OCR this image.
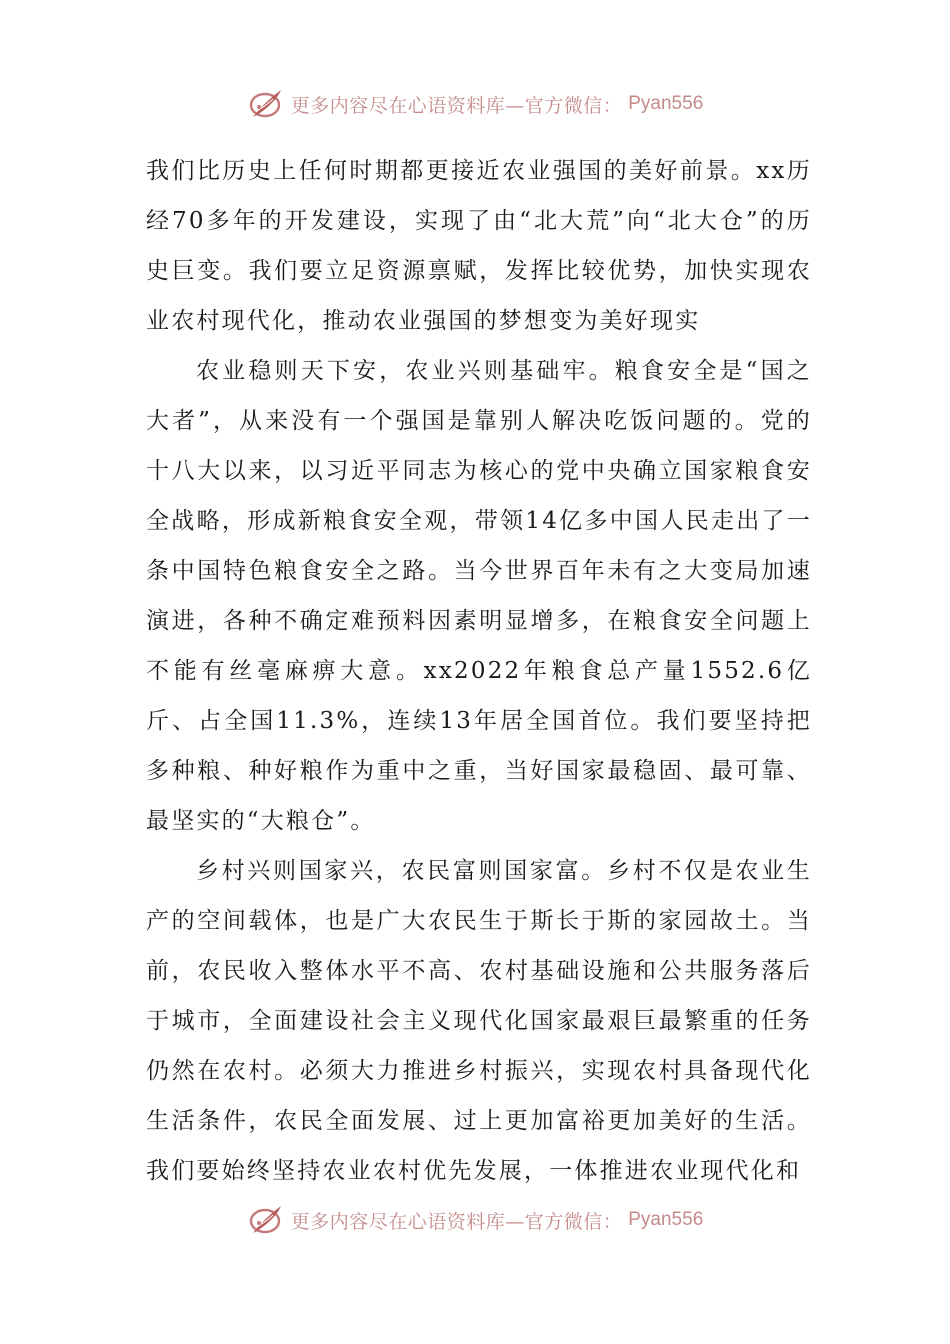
更多内容尽在心语资料库—官方微信： Pyan556

我们比历史上任何时期都更接近农业强国的美好前景。xx历经70多年的开发建设，实现了由“北大荒”向“北大仓”的历史巨变。我们要立足资源禀赋，发挥比较优势，加快实现农业农村现代化，推动农业强国的梦想变为美好现实

农业稳则天下安，农业兴则基础牢。粮食安全是“国之大者”，从来没有一个强国是靠别人解决吃饭问题的。党的十八大以来，以习近平同志为核心的党中央确立国家粮食安全战略，形成新粮食安全观，带领14亿多中国人民走出了一条中国特色粮食安全之路。当今世界百年未有之大变局加速演进，各种不确定难预料因素明显增多，在粮食安全问题上不能有丝毫麻痹大意。xx2022年粮食总产量1552.6亿斤、占全国11.3%，连续13年居全国首位。我们要坚持把多种粮、种好粮作为重中之重，当好国家最稳固、最可靠、最坚实的“大粮仓”。

乡村兴则国家兴，农民富则国家富。乡村不仅是农业生产的空间载体，也是广大农民生于斯长于斯的家园故土。当前，农民收入整体水平不高、农村基础设施和公共服务落后于城市，全面建设社会主义现代化国家最艰巨最繁重的任务仍然在农村。必须大力推进乡村振兴，实现农村具备现代化生活条件，农民全面发展、过上更加富裕更加美好的生活。我们要始终坚持农业农村优先发展，一体推进农业现代化和

更多内容尽在心语资料库—官方微信： Pyan556
